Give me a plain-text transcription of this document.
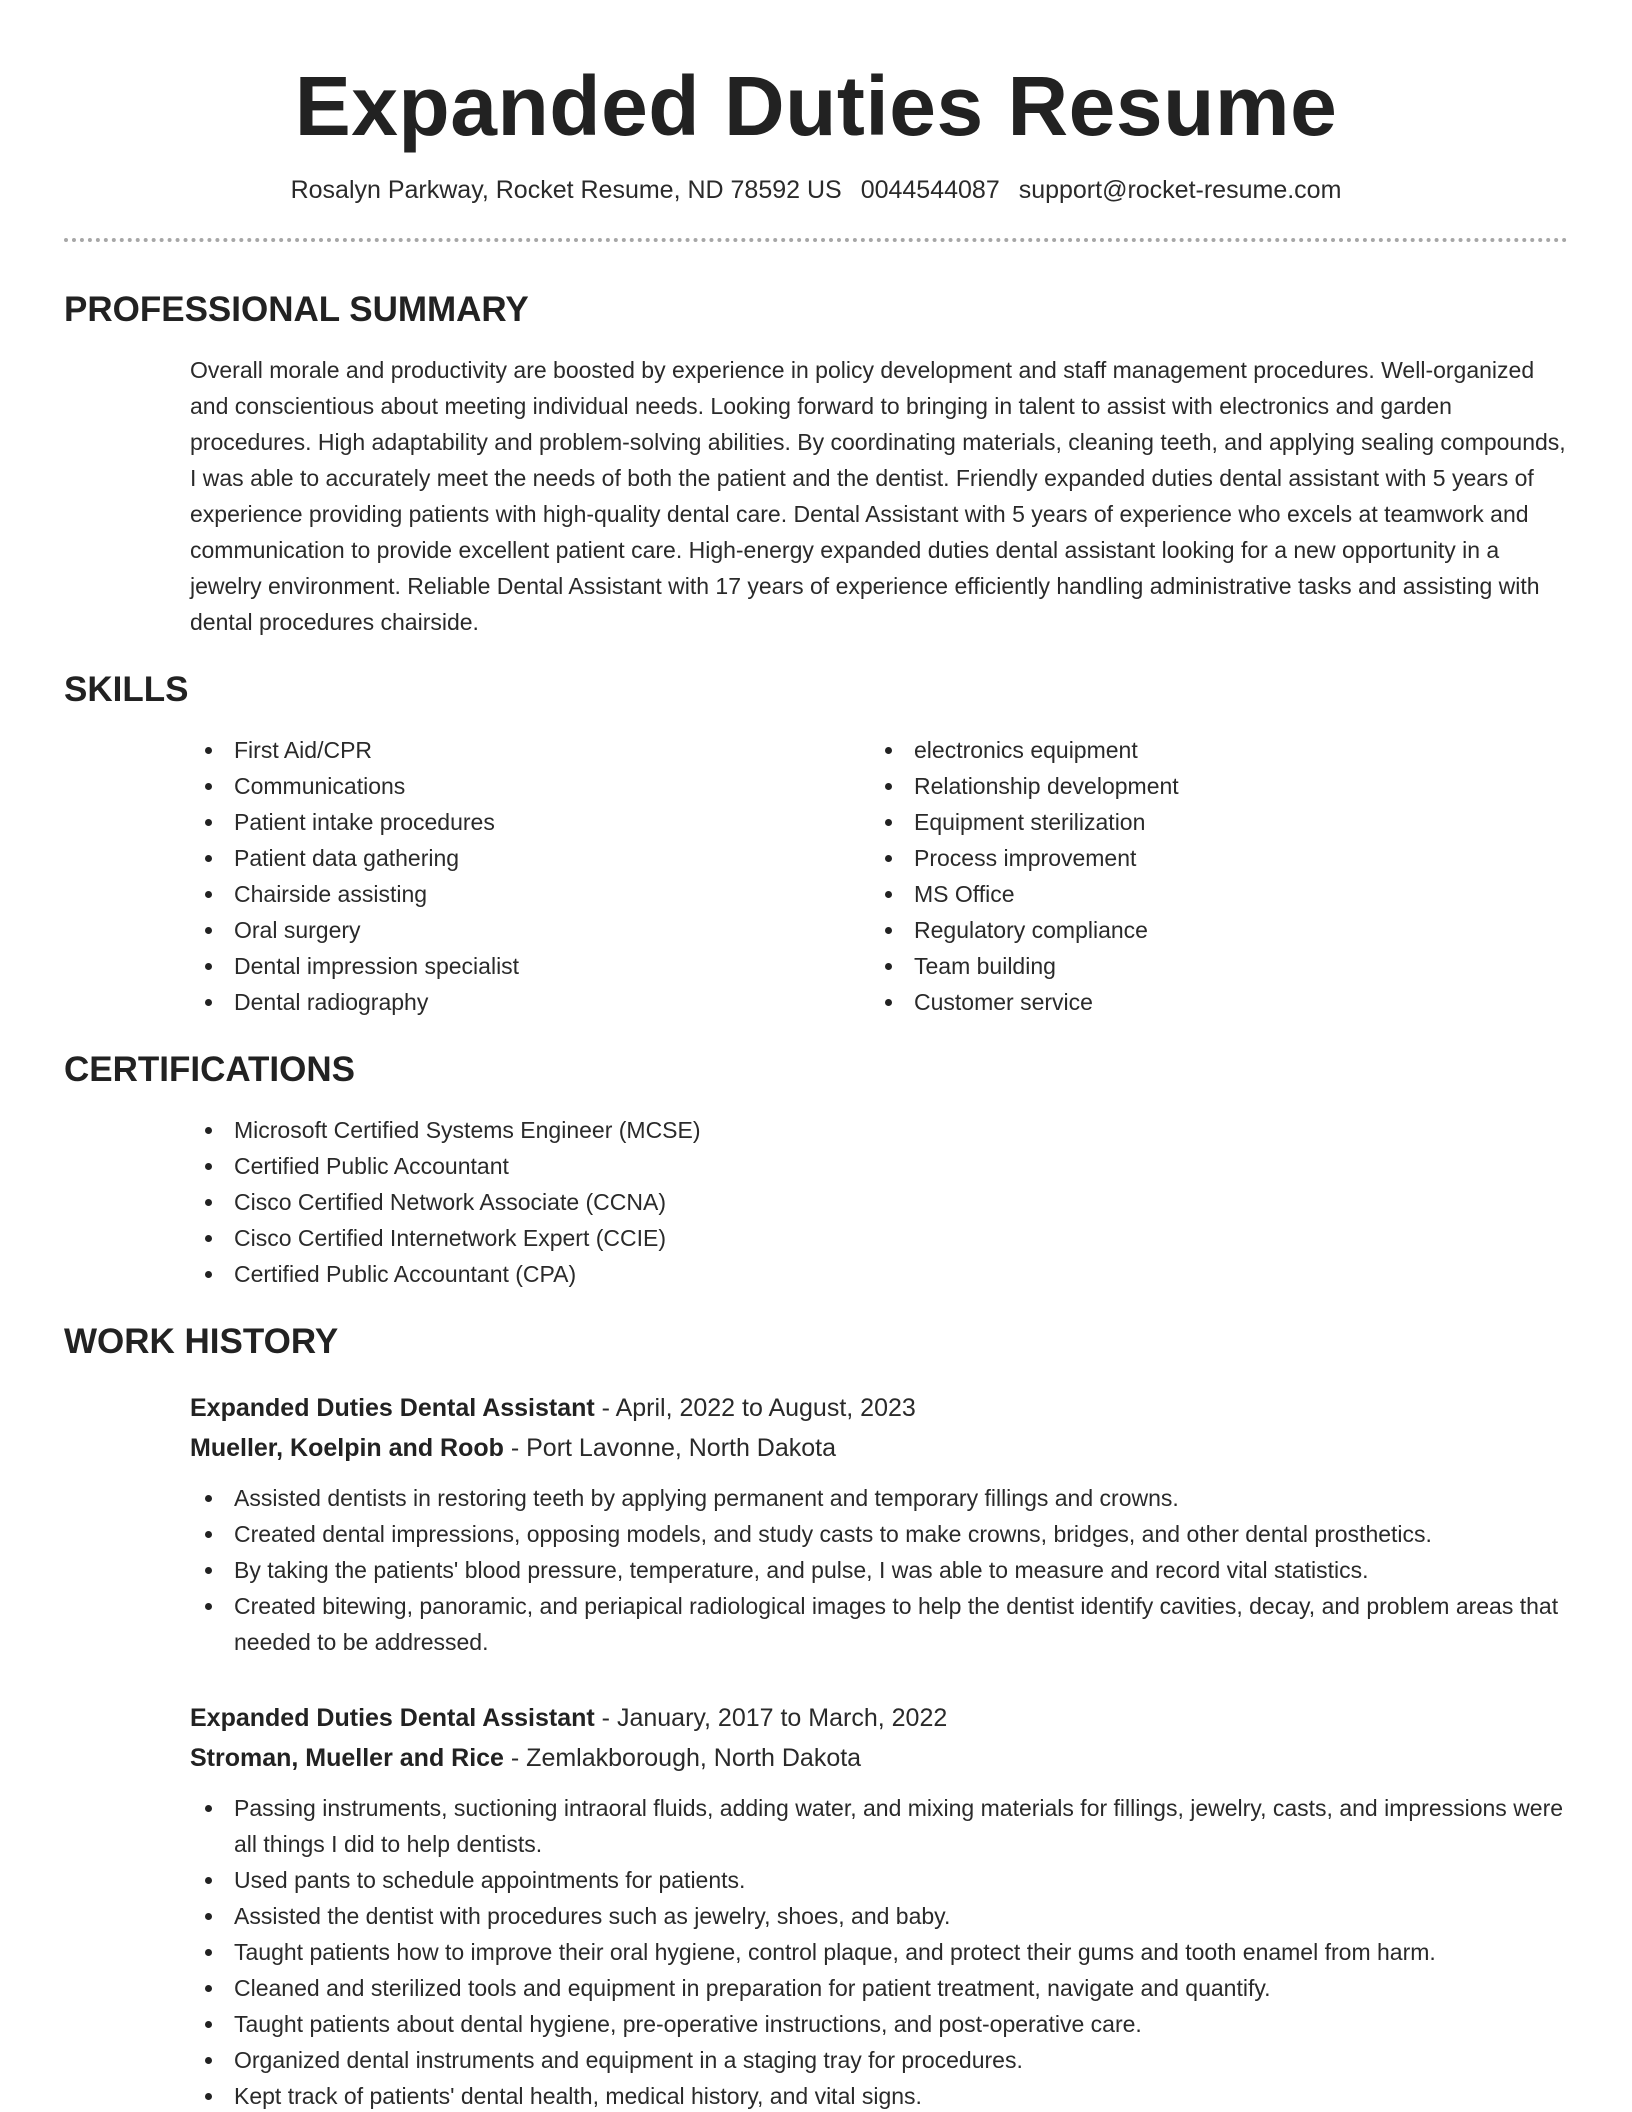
Expanded Duties Resume
Rosalyn Parkway, Rocket Resume, ND 78592 US 0044544087 support@rocket-resume.com
PROFESSIONAL SUMMARY

Overall morale and productivity are boosted by experience in policy development and staff management procedures. Well-organized and conscientious about meeting individual needs. Looking forward to bringing in talent to assist with electronics and garden procedures. High adaptability and problem-solving abilities. By coordinating materials, cleaning teeth, and applying sealing compounds, I was able to accurately meet the needs of both the patient and the dentist. Friendly expanded duties dental assistant with 5 years of experience providing patients with high-quality dental care. Dental Assistant with 5 years of experience who excels at teamwork and communication to provide excellent patient care. High-energy expanded duties dental assistant looking for a new opportunity in a jewelry environment. Reliable Dental Assistant with 17 years of experience efficiently handling administrative tasks and assisting with dental procedures chairside.

SKILLS
First Aid/CPR
Communications
Patient intake procedures
Patient data gathering
Chairside assisting
Oral surgery
Dental impression specialist
Dental radiography
electronics equipment
Relationship development
Equipment sterilization
Process improvement
MS Office
Regulatory compliance
Team building
Customer service
CERTIFICATIONS
Microsoft Certified Systems Engineer (MCSE)
Certified Public Accountant
Cisco Certified Network Associate (CCNA)
Cisco Certified Internetwork Expert (CCIE)
Certified Public Accountant (CPA)
WORK HISTORY
Expanded Duties Dental Assistant - April, 2022 to August, 2023
Mueller, Koelpin and Roob - Port Lavonne, North Dakota
Assisted dentists in restoring teeth by applying permanent and temporary fillings and crowns.
Created dental impressions, opposing models, and study casts to make crowns, bridges, and other dental prosthetics.
By taking the patients' blood pressure, temperature, and pulse, I was able to measure and record vital statistics.
Created bitewing, panoramic, and periapical radiological images to help the dentist identify cavities, decay, and problem areas that needed to be addressed.
Expanded Duties Dental Assistant - January, 2017 to March, 2022
Stroman, Mueller and Rice - Zemlakborough, North Dakota
Passing instruments, suctioning intraoral fluids, adding water, and mixing materials for fillings, jewelry, casts, and impressions were all things I did to help dentists.
Used pants to schedule appointments for patients.
Assisted the dentist with procedures such as jewelry, shoes, and baby.
Taught patients how to improve their oral hygiene, control plaque, and protect their gums and tooth enamel from harm.
Cleaned and sterilized tools and equipment in preparation for patient treatment, navigate and quantify.
Taught patients about dental hygiene, pre-operative instructions, and post-operative care.
Organized dental instruments and equipment in a staging tray for procedures.
Kept track of patients' dental health, medical history, and vital signs.
